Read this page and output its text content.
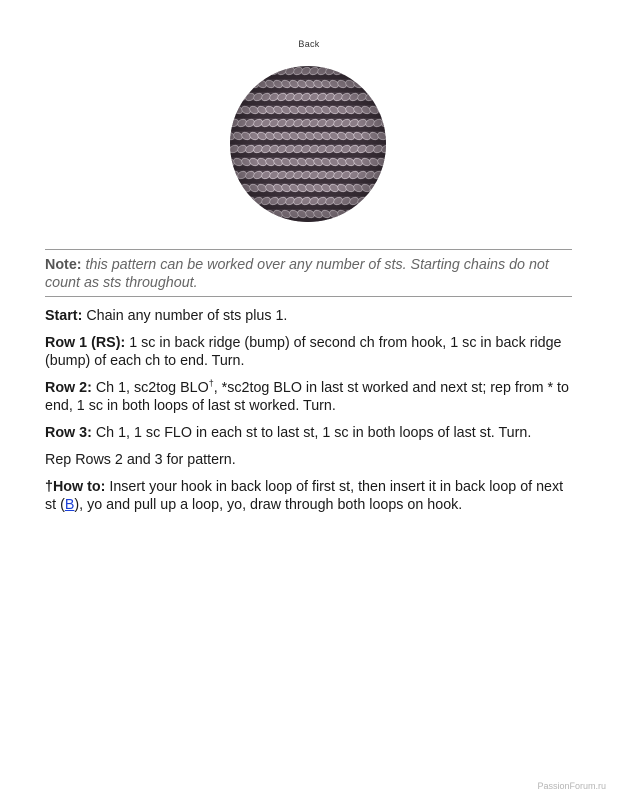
Back
Note: this pattern can be worked over any number of sts. Starting chains do not count as sts throughout.

Start: Chain any number of sts plus 1.

Row 1 (RS): 1 sc in back ridge (bump) of second ch from hook, 1 sc in back ridge (bump) of each ch to end. Turn.

Row 2: Ch 1, sc2tog BLO†, *sc2tog BLO in last st worked and next st; rep from * to end, 1 sc in both loops of last st worked. Turn.

Row 3: Ch 1, 1 sc FLO in each st to last st, 1 sc in both loops of last st. Turn.

Rep Rows 2 and 3 for pattern.

†How to: Insert your hook in back loop of first st, then insert it in back loop of next st (B), yo and pull up a loop, yo, draw through both loops on hook.

PassionForum.ru
